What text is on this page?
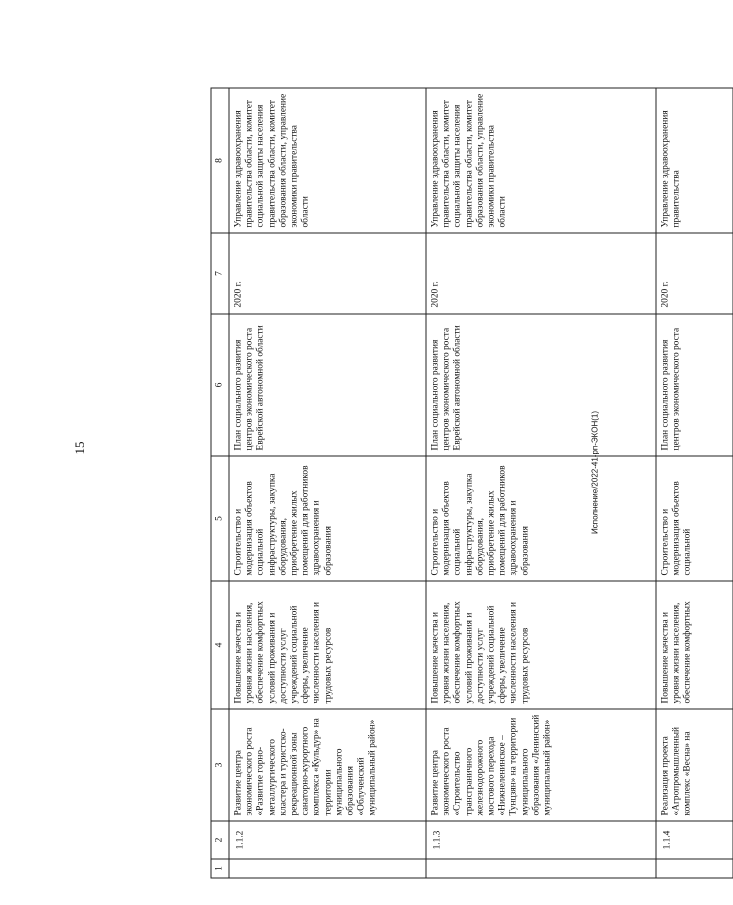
15	Исполнение/2022-41-рп-ЭКОН(1)
1	2	3	4	5	6	7	8
	1.1.2	Развитие центра экономического роста «Развитие горно-металлургического кластера и туристско-рекреационной зоны санаторно-курортного комплекса «Кульдур» на территории муниципального образования «Облученский муниципальный район»	Повышение качества и уровня жизни населения, обеспечение комфортных условий проживания и доступности услуг учреждений социальной сферы, увеличение численности населения и трудовых ресурсов	Строительство и модернизация объектов социальной инфраструктуры, закупка оборудования, приобретение жилых помещений для работников здравоохранения и образования	План социального развития центров экономического роста Еврейской автономной области	2020 г.	Управление здравоохранения правительства области, комитет социальной защиты населения правительства области, комитет образования области, управление экономики правительства области
	1.1.3	Развитие центра экономического роста «Строительство трансграничного железнодорожного мостового перехода «Нижнеленинское – Тунцзян» на территории муниципального образования «Ленинский муниципальный район»	Повышение качества и уровня жизни населения, обеспечение комфортных условий проживания и доступности услуг учреждений социальной сферы, увеличение численности населения и трудовых ресурсов	Строительство и модернизация объектов социальной инфраструктуры, закупка оборудования, приобретение жилых помещений для работников здравоохранения и образования	План социального развития центров экономического роста Еврейской автономной области	2020 г.	Управление здравоохранения правительства области, комитет социальной защиты населения правительства области, комитет образования области, управление экономики правительства области
	1.1.4	Реализация проекта «Агропромышленный комплекс «Весна» на	Повышение качества и уровня жизни населения, обеспечение комфортных	Строительство и модернизация объектов социальной	План социального развития центров экономического роста	2020 г.	Управление здравоохранения правительства
